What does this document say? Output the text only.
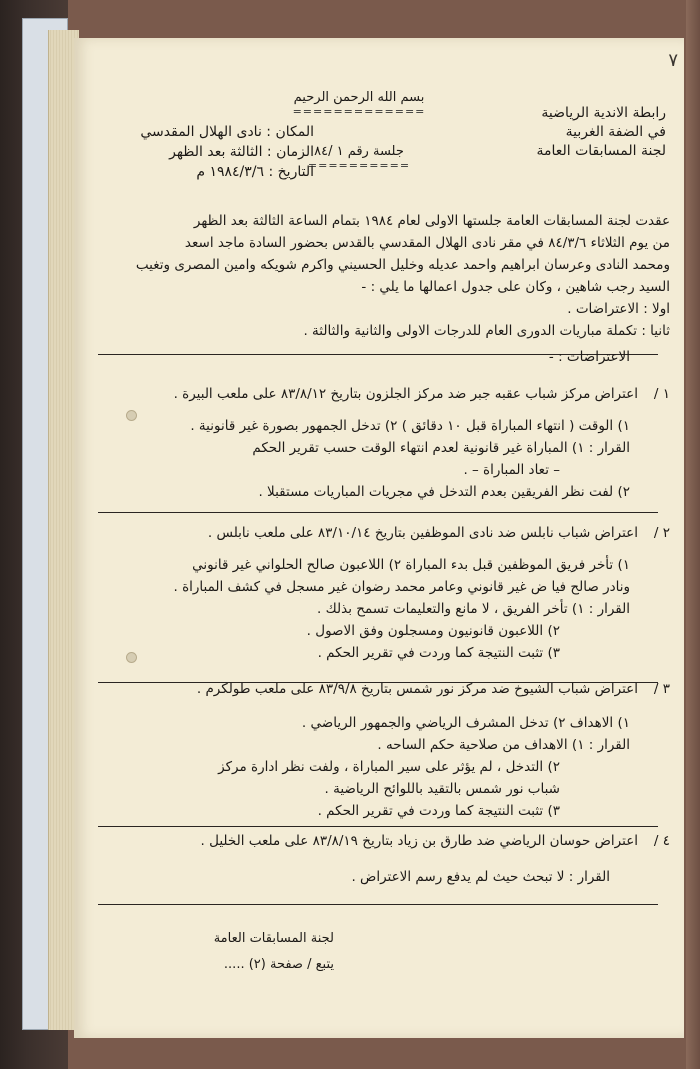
٧
رابطة الاندية الرياضية
في الضفة الغربية
لجنة المسابقات العامة
بسم الله الرحمن الرحيم
=============
جلسة رقم ١ /٨٤
==========
المكان : نادى الهلال المقدسي
الزمان : الثالثة بعد الظهر
التاريخ : ١٩٨٤/٣/٦ م
عقدت لجنة المسابقات العامة جلستها الاولى لعام ١٩٨٤ بتمام الساعة الثالثة بعد الظهر
من يوم الثلاثاء ٨٤/٣/٦ في مقر نادى الهلال المقدسي بالقدس بحضور السادة ماجد اسعد
ومحمد النادى وعرسان ابراهيم واحمد عديله وخليل الحسيني واكرم شويكه وامين المصرى وتغيب
السيد رجب شاهين ، وكان على جدول اعمالها ما يلي : -
اولا : الاعتراضات .
ثانيا : تكملة مباريات الدورى العام للدرجات الاولى والثانية والثالثة .
الاعتراضات : -
١ /اعتراض مركز شباب عقبه جبر ضد مركز الجلزون بتاريخ ٨٣/٨/١٢ على ملعب البيرة .
١) الوقت ( انتهاء المباراة قبل ١٠ دقائق ) ٢) تدخل الجمهور بصورة غير قانونية .
القرار : ١) المباراة غير قانونية لعدم انتهاء الوقت حسب تقرير الحكم
– تعاد المباراة – .
٢) لفت نظر الفريقين بعدم التدخل في مجريات المباريات مستقبلا .
٢ /اعتراض شباب نابلس ضد نادى الموظفين بتاريخ ٨٣/١٠/١٤ على ملعب نابلس .
١) تأخر فريق الموظفين قبل بدء المباراة ٢) اللاعبون صالح الحلواني غير قانوني
ونادر صالح فيا ض غير قانوني وعامر محمد رضوان غير مسجل في كشف المباراة .
القرار : ١) تأخر الفريق ، لا مانع والتعليمات تسمح بذلك .
٢) اللاعبون قانونيون ومسجلون وفق الاصول .
٣) تثبت النتيجة كما وردت في تقرير الحكم .
٣ /اعتراض شباب الشيوخ ضد مركز نور شمس بتاريخ ٨٣/٩/٨ على ملعب طولكرم .
١) الاهداف ٢) تدخل المشرف الرياضي والجمهور الرياضي .
القرار : ١) الاهداف من صلاحية حكم الساحه .
٢) التدخل ، لم يؤثر على سير المباراة ، ولفت نظر ادارة مركز
شباب نور شمس بالتقيد باللوائح الرياضية .
٣) تثبت النتيجة كما وردت في تقرير الحكم .
٤ /اعتراض حوسان الرياضي ضد طارق بن زياد بتاريخ ٨٣/٨/١٩ على ملعب الخليل .
القرار : لا تبحث حيث لم يدفع رسم الاعتراض .
لجنة المسابقات العامة
يتبع / صفحة (٢) .....
